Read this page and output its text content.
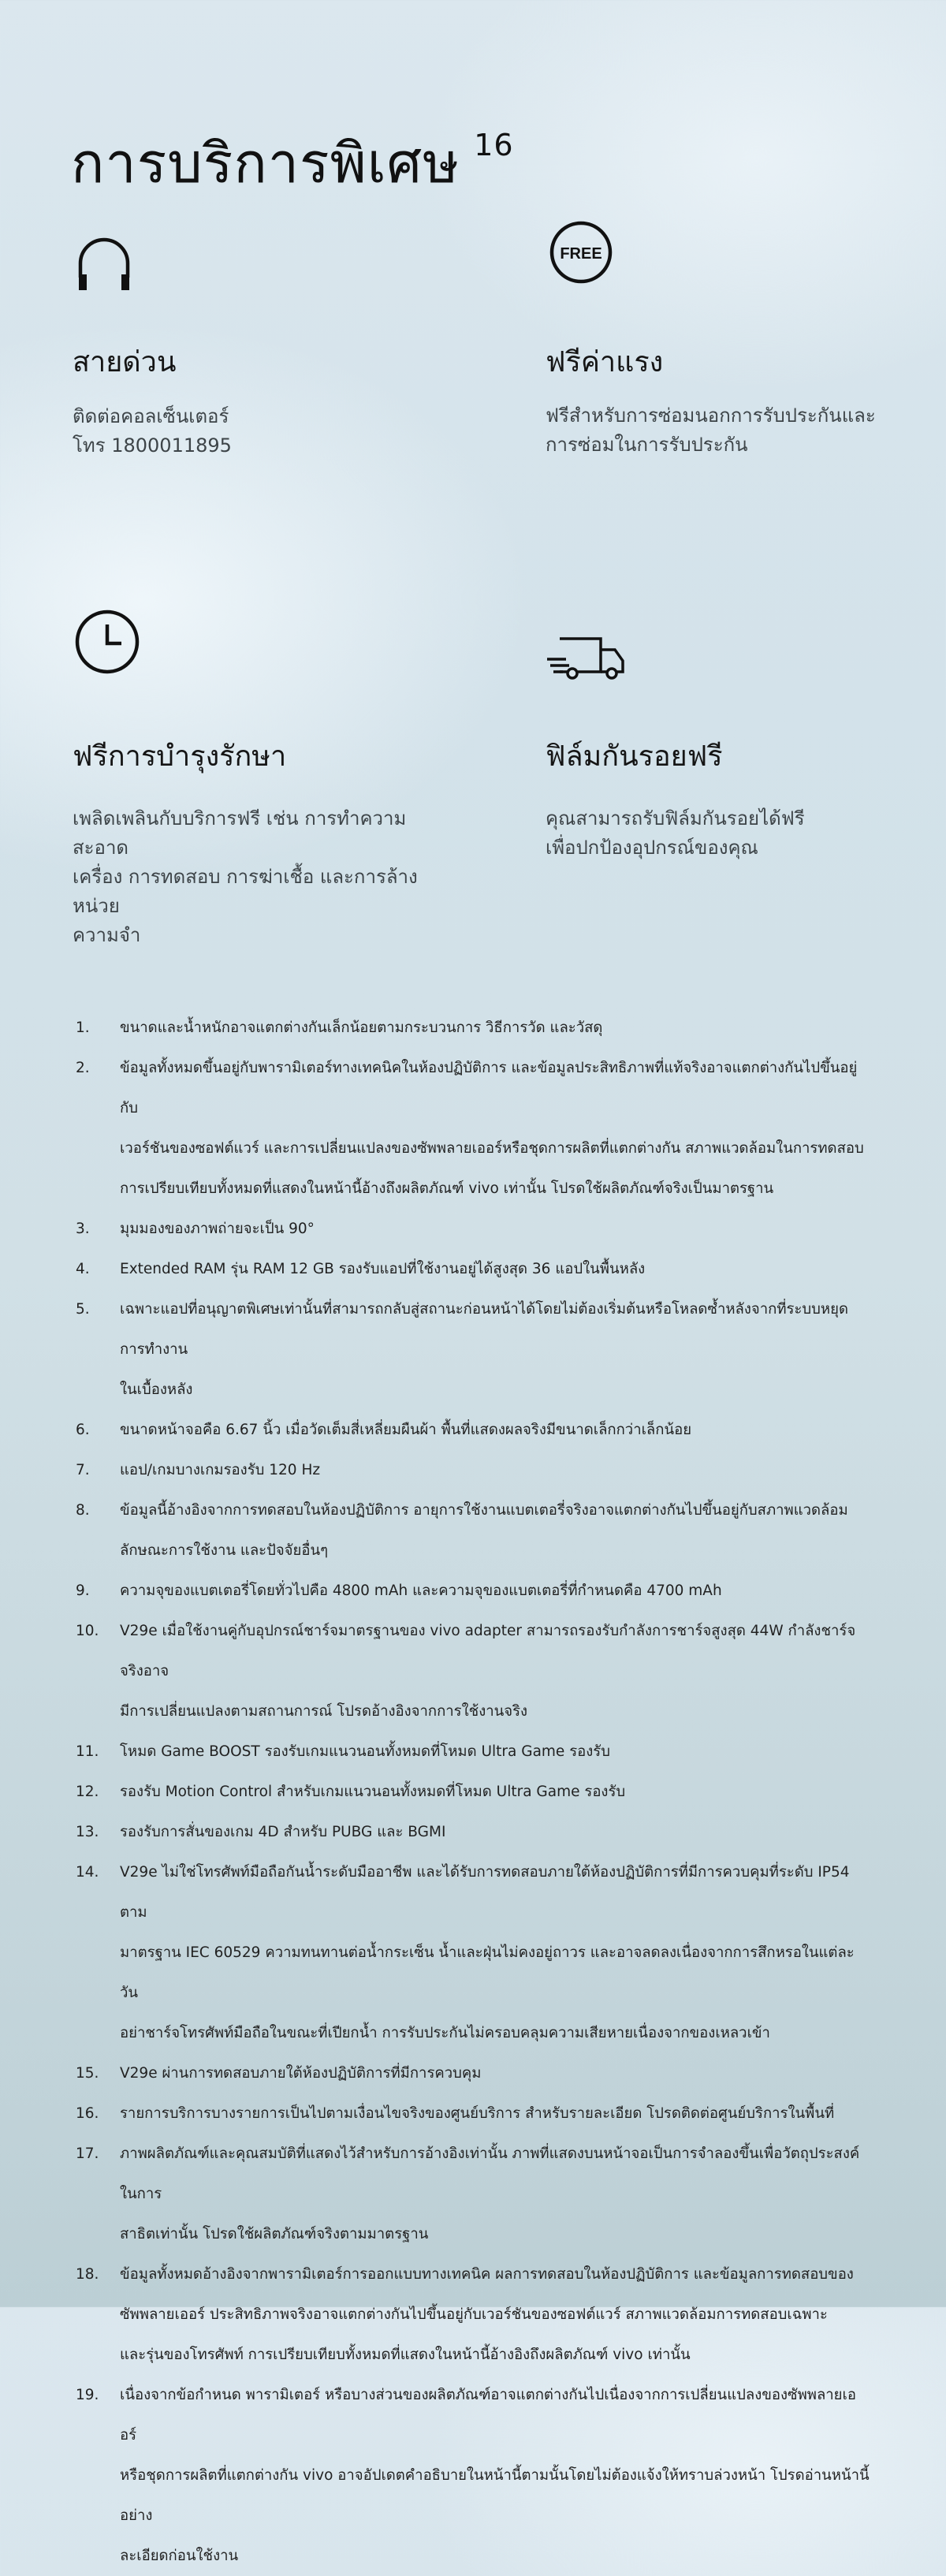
การบริการพิเศษ $^{16}$
สายด่วน
ติดต่อคอลเซ็นเตอร์
โทร 1800011895
FREE
ฟรีค่าแรง
ฟรีสำหรับการซ่อมนอกการรับประกันและ
การซ่อมในการรับประกัน
ฟรีการบำรุงรักษา
เพลิดเพลินกับบริการฟรี เช่น การทำความสะอาด
เครื่อง การทดสอบ การฆ่าเชื้อ และการล้างหน่วย
ความจำ
ฟิล์มกันรอยฟรี
คุณสามารถรับฟิล์มกันรอยได้ฟรี
เพื่อปกป้องอุปกรณ์ของคุณ
1. ขนาดและน้ำหนักอาจแตกต่างกันเล็กน้อยตามกระบวนการ วิธีการวัด และวัสดุ
2. ข้อมูลทั้งหมดขึ้นอยู่กับพารามิเตอร์ทางเทคนิคในห้องปฏิบัติการ และข้อมูลประสิทธิภาพที่แท้จริงอาจแตกต่างกันไปขึ้นอยู่กับ
เวอร์ชันของซอฟต์แวร์ และการเปลี่ยนแปลงของซัพพลายเออร์หรือชุดการผลิตที่แตกต่างกัน สภาพแวดล้อมในการทดสอบ
การเปรียบเทียบทั้งหมดที่แสดงในหน้านี้อ้างถึงผลิตภัณฑ์ vivo เท่านั้น โปรดใช้ผลิตภัณฑ์จริงเป็นมาตรฐาน
3. มุมมองของภาพถ่ายจะเป็น 90°
4. Extended RAM รุ่น RAM 12 GB รองรับแอปที่ใช้งานอยู่ได้สูงสุด 36 แอปในพื้นหลัง
5. เฉพาะแอปที่อนุญาตพิเศษเท่านั้นที่สามารถกลับสู่สถานะก่อนหน้าได้โดยไม่ต้องเริ่มต้นหรือโหลดซ้ำหลังจากที่ระบบหยุดการทำงาน
ในเบื้องหลัง
6. ขนาดหน้าจอคือ 6.67 นิ้ว เมื่อวัดเต็มสี่เหลี่ยมผืนผ้า พื้นที่แสดงผลจริงมีขนาดเล็กกว่าเล็กน้อย
7. แอป/เกมบางเกมรองรับ 120 Hz
8. ข้อมูลนี้อ้างอิงจากการทดสอบในห้องปฏิบัติการ อายุการใช้งานแบตเตอรี่จริงอาจแตกต่างกันไปขึ้นอยู่กับสภาพแวดล้อม
ลักษณะการใช้งาน และปัจจัยอื่นๆ
9. ความจุของแบตเตอรี่โดยทั่วไปคือ 4800 mAh และความจุของแบตเตอรี่ที่กำหนดคือ 4700 mAh
10. V29e เมื่อใช้งานคู่กับอุปกรณ์ชาร์จมาตรฐานของ vivo adapter สามารถรองรับกำลังการชาร์จสูงสุด 44W กำลังชาร์จจริงอาจ
มีการเปลี่ยนแปลงตามสถานการณ์ โปรดอ้างอิงจากการใช้งานจริง
11. โหมด Game BOOST รองรับเกมแนวนอนทั้งหมดที่โหมด Ultra Game รองรับ
12. รองรับ Motion Control สำหรับเกมแนวนอนทั้งหมดที่โหมด Ultra Game รองรับ
13. รองรับการสั่นของเกม 4D สำหรับ PUBG และ BGMI
14. V29e ไม่ใช่โทรศัพท์มือถือกันน้ำระดับมืออาชีพ และได้รับการทดสอบภายใต้ห้องปฏิบัติการที่มีการควบคุมที่ระดับ IP54 ตาม
มาตรฐาน IEC 60529 ความทนทานต่อน้ำกระเซ็น น้ำและฝุ่นไม่คงอยู่ถาวร และอาจลดลงเนื่องจากการสึกหรอในแต่ละวัน
อย่าชาร์จโทรศัพท์มือถือในขณะที่เปียกน้ำ การรับประกันไม่ครอบคลุมความเสียหายเนื่องจากของเหลวเข้า
15. V29e ผ่านการทดสอบภายใต้ห้องปฏิบัติการที่มีการควบคุม
16. รายการบริการบางรายการเป็นไปตามเงื่อนไขจริงของศูนย์บริการ สำหรับรายละเอียด โปรดติดต่อศูนย์บริการในพื้นที่
17. ภาพผลิตภัณฑ์และคุณสมบัติที่แสดงไว้สำหรับการอ้างอิงเท่านั้น ภาพที่แสดงบนหน้าจอเป็นการจำลองขึ้นเพื่อวัตถุประสงค์ในการ
สาธิตเท่านั้น โปรดใช้ผลิตภัณฑ์จริงตามมาตรฐาน
18. ข้อมูลทั้งหมดอ้างอิงจากพารามิเตอร์การออกแบบทางเทคนิค ผลการทดสอบในห้องปฏิบัติการ และข้อมูลการทดสอบของ
ซัพพลายเออร์ ประสิทธิภาพจริงอาจแตกต่างกันไปขึ้นอยู่กับเวอร์ชันของซอฟต์แวร์ สภาพแวดล้อมการทดสอบเฉพาะ
และรุ่นของโทรศัพท์ การเปรียบเทียบทั้งหมดที่แสดงในหน้านี้อ้างอิงถึงผลิตภัณฑ์ vivo เท่านั้น
19. เนื่องจากข้อกำหนด พารามิเตอร์ หรือบางส่วนของผลิตภัณฑ์อาจแตกต่างกันไปเนื่องจากการเปลี่ยนแปลงของซัพพลายเออร์
หรือชุดการผลิตที่แตกต่างกัน vivo อาจอัปเดตคำอธิบายในหน้านี้ตามนั้นโดยไม่ต้องแจ้งให้ทราบล่วงหน้า โปรดอ่านหน้านี้อย่าง
ละเอียดก่อนใช้งาน
